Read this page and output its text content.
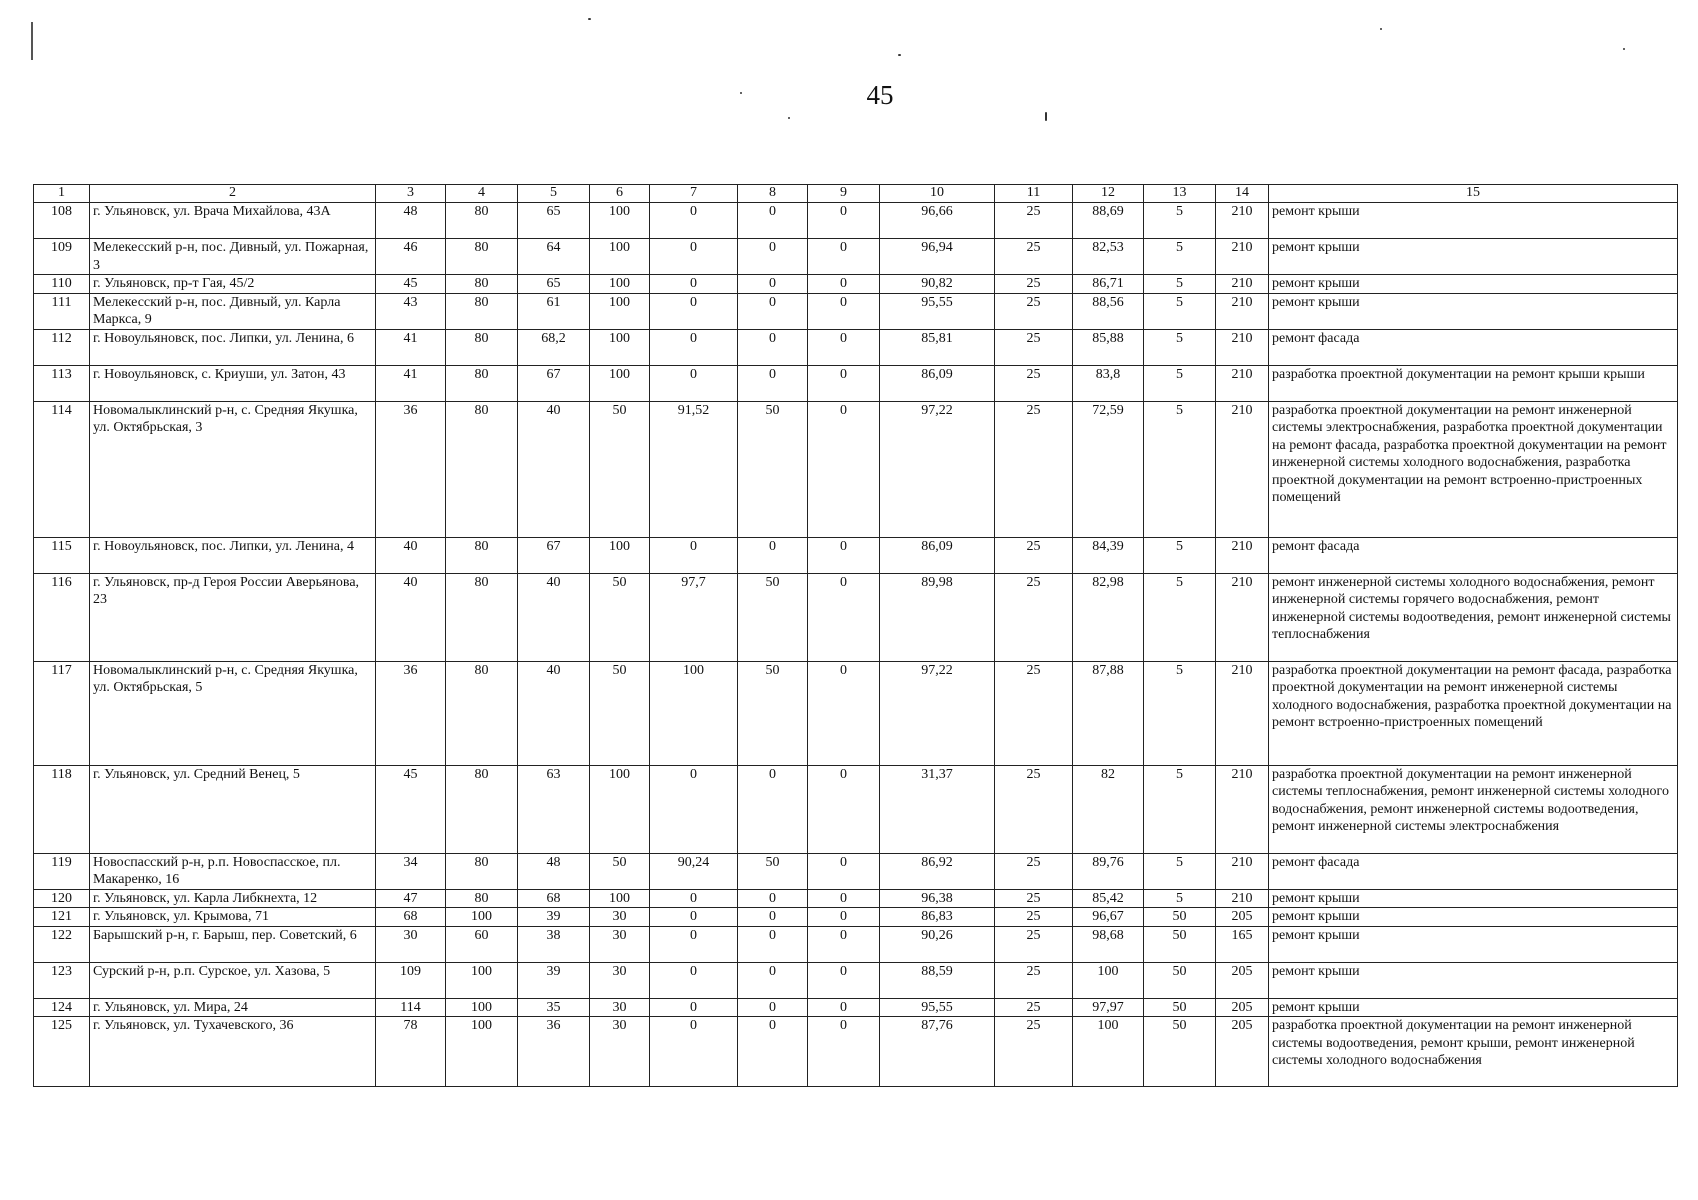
45
1	2	3	4	5	6	7	8	9	10	11	12	13	14	15
108	г. Ульяновск, ул. Врача Михайлова, 43А	48	80	65	100	0	0	0	96,66	25	88,69	5	210	ремонт крыши
109	Мелекесский р-н, пос. Дивный, ул. Пожарная, 3	46	80	64	100	0	0	0	96,94	25	82,53	5	210	ремонт крыши
110	г. Ульяновск, пр-т Гая, 45/2	45	80	65	100	0	0	0	90,82	25	86,71	5	210	ремонт крыши
111	Мелекесский р-н, пос. Дивный, ул. Карла Маркса, 9	43	80	61	100	0	0	0	95,55	25	88,56	5	210	ремонт крыши
112	г. Новоульяновск, пос. Липки, ул. Ленина, 6	41	80	68,2	100	0	0	0	85,81	25	85,88	5	210	ремонт фасада
113	г. Новоульяновск, с. Криуши, ул. Затон, 43	41	80	67	100	0	0	0	86,09	25	83,8	5	210	разработка проектной документации на ремонт крыши крыши
114	Новомалыклинский р-н, с. Средняя Якушка, ул. Октябрьская, 3	36	80	40	50	91,52	50	0	97,22	25	72,59	5	210	разработка проектной документации на ремонт инженерной системы электроснабжения, разработка проектной документации на ремонт фасада, разработка проектной документации на ремонт инженерной системы холодного водоснабжения, разработка проектной документации на ремонт встроенно-пристроенных помещений
115	г. Новоульяновск, пос. Липки, ул. Ленина, 4	40	80	67	100	0	0	0	86,09	25	84,39	5	210	ремонт фасада
116	г. Ульяновск, пр-д Героя России Аверьянова, 23	40	80	40	50	97,7	50	0	89,98	25	82,98	5	210	ремонт инженерной системы холодного водоснабжения, ремонт инженерной системы горячего водоснабжения, ремонт инженерной системы водоотведения, ремонт инженерной системы теплоснабжения
117	Новомалыклинский р-н, с. Средняя Якушка, ул. Октябрьская, 5	36	80	40	50	100	50	0	97,22	25	87,88	5	210	разработка проектной документации на ремонт фасада, разработка проектной документации на ремонт инженерной системы холодного водоснабжения, разработка проектной документации на ремонт встроенно-пристроенных помещений
118	г. Ульяновск, ул. Средний Венец, 5	45	80	63	100	0	0	0	31,37	25	82	5	210	разработка проектной документации на ремонт инженерной системы теплоснабжения, ремонт инженерной системы холодного водоснабжения, ремонт инженерной системы водоотведения, ремонт инженерной системы электроснабжения
119	Новоспасский р-н, р.п. Новоспасское, пл. Макаренко, 16	34	80	48	50	90,24	50	0	86,92	25	89,76	5	210	ремонт фасада
120	г. Ульяновск, ул. Карла Либкнехта, 12	47	80	68	100	0	0	0	96,38	25	85,42	5	210	ремонт крыши
121	г. Ульяновск, ул. Крымова, 71	68	100	39	30	0	0	0	86,83	25	96,67	50	205	ремонт крыши
122	Барышский р-н, г. Барыш, пер. Советский, 6	30	60	38	30	0	0	0	90,26	25	98,68	50	165	ремонт крыши
123	Сурский р-н, р.п. Сурское, ул. Хазова, 5	109	100	39	30	0	0	0	88,59	25	100	50	205	ремонт крыши
124	г. Ульяновск, ул. Мира, 24	114	100	35	30	0	0	0	95,55	25	97,97	50	205	ремонт крыши
125	г. Ульяновск, ул. Тухачевского, 36	78	100	36	30	0	0	0	87,76	25	100	50	205	разработка проектной документации на ремонт инженерной системы водоотведения, ремонт крыши, ремонт инженерной системы холодного водоснабжения
